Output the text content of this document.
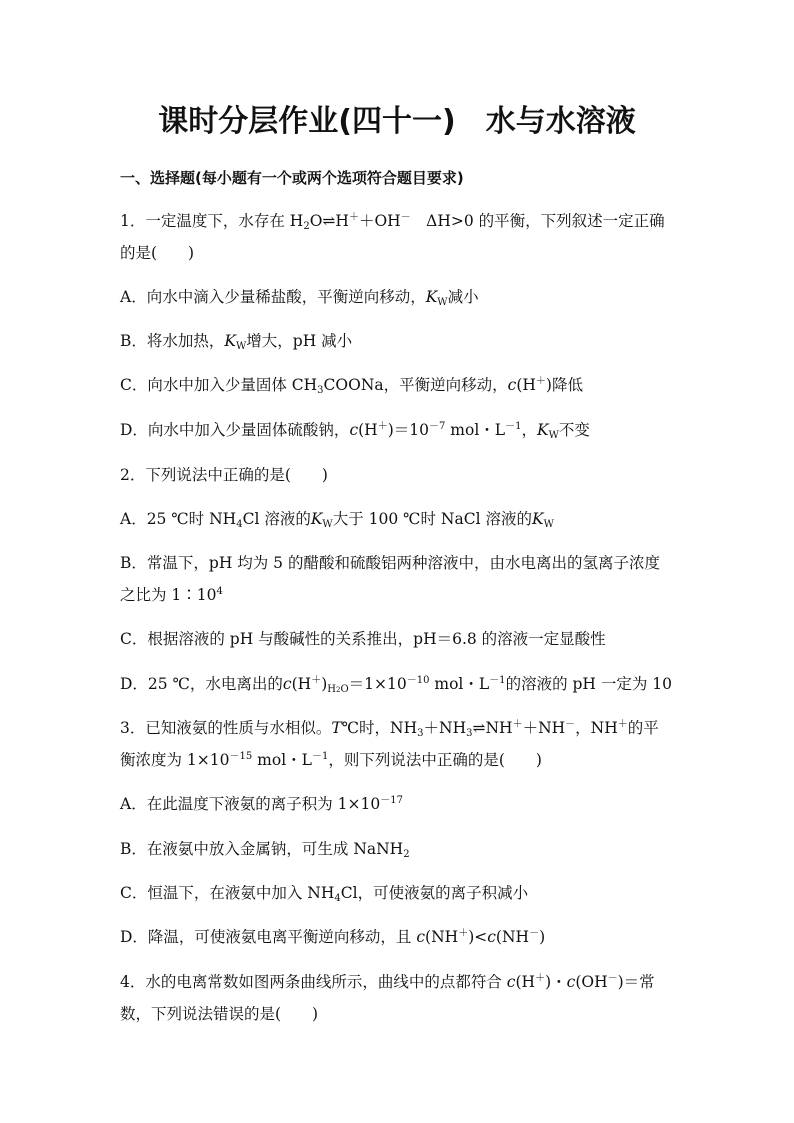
课时分层作业(四十一) 水与水溶液
一、选择题(每小题有一个或两个选项符合题目要求)
1．一定温度下，水存在 $H_2O\rightleftharpoons H^++OH^-$　ΔH>0 的平衡，下列叙述一定正确
的是(　　)
A．向水中滴入少量稀盐酸，平衡逆向移动，$K_W$减小
B．将水加热，$K_W$增大，pH 减小
C．向水中加入少量固体 $CH_3COONa$，平衡逆向移动，c(H＋)降低
D．向水中加入少量固体硫酸钠，$c(H^+)=10^{-7}$ mol・$L^{-1}$，$K_W$不变
2．下列说法中正确的是(　　)
A．25 ℃时 $NH_4Cl$ 溶液的$K_W$大于 100 ℃时 NaCl 溶液的$K_W$
B．常温下，pH 均为 5 的醋酸和硫酸铝两种溶液中，由水电离出的氢离子浓度
之比为 $1∶10^4$
C．根据溶液的 pH 与酸碱性的关系推出，pH＝6.8 的溶液一定显酸性
D．25 ℃，水电离出的$c(H^+)_{H2O}=1\times 10^{-10}$ mol・$L^{-1}$的溶液的 pH 一定为 10
3．已知液氨的性质与水相似。T℃时，$NH_3+NH_3\rightleftharpoons NH^++NH^-$，NH＋的平
衡浓度为 $1\times 10^{-15}$ mol・$L^{-1}$，则下列说法中正确的是(　　)
A．在此温度下液氨的离子积为 $1\times 10^{-17}$
B．在液氨中放入金属钠，可生成 NaNH$_2$
C．恒温下，在液氨中加入 $NH_4Cl$，可使液氨的离子积减小
D．降温，可使液氨电离平衡逆向移动，且 c(NH＋)<c(NH－)
4．水的电离常数如图两条曲线所示，曲线中的点都符合 c(H＋)・c(OH－)＝常
数，下列说法错误的是(　　)
